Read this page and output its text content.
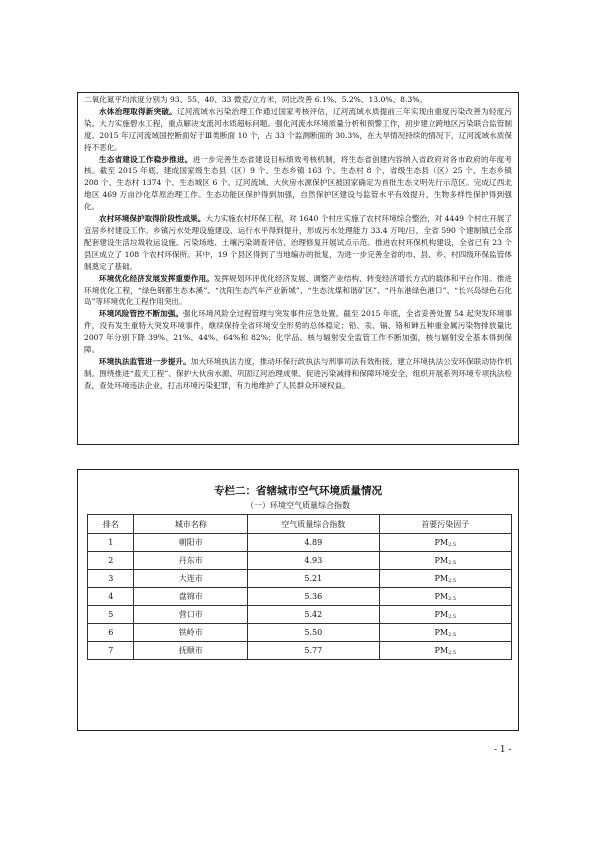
二氧化氮平均浓度分别为 93、55、40、33 微克/立方米，同比改善 6.1%、5.2%、13.0%、8.3%。

水体治理取得新突破。辽河流域水污染治理工作通过国家考核评估，辽河流域水质提前三年实现由重度污染改善为轻度污染。大力实施碧水工程，重点解决支流河水质超标问题。强化河流水环境质量分析和预警工作，初步建立跨地区污染联合监管制度。2015 年辽河流域国控断面好于Ⅲ类断面 10 个，占 33 个监测断面的 30.3%，在大旱情况持续的情况下，辽河流域水质保持不恶化。

生态省建设工作稳步推进。进一步完善生态省建设目标绩效考核机制，将生态省创建内容纳入省政府对各市政府的年度考核。截至 2015 年底，建成国家级生态县（区）9 个、生态乡镇 163 个、生态村 8 个，省级生态县（区）25 个、生态乡镇 208 个、生态村 1374 个、生态城区 6 个。辽河流域、大伙房水源保护区被国家确定为首批生态文明先行示范区。完成辽西北地区 469 万亩沙化草原治理工作。生态功能区保护得到加强，自然保护区建设与监管水平有效提升，生物多样性保护得到强化。

农村环境保护取得阶段性成果。大力实施农村环保工程，对 1640 个村庄实施了农村环境综合整治，对 4449 个村庄开展了宜居乡村建设工作。乡镇污水处理设施建设、运行水平得到提升，形成污水处理能力 33.4 万吨/日，全省 590 个建制镇已全部配套建设生活垃圾收运设施。污染场地、土壤污染调查评估、治理修复开展试点示范。推进农村环保机构建设，全省已有 23 个县区成立了 108 个农村环保所。其中，19 个县区得到了当地编办的批复，为进一步完善全省的市、县、乡、村四级环保监管体制奠定了基础。

环境优化经济发展发挥重要作用。发挥规划环评优化经济发展、调整产业结构、转变经济增长方式的载体和平台作用。推进环境优化工程，“绿色钢都生态本溪”、“沈阳生态汽车产业新城”、“生态沈煤和谐矿区”、“丹东港绿色港口”、“长兴岛绿色石化岛”等环境优化工程作用突出。

环境风险管控不断加强。强化环境风险全过程管理与突发事件应急处置。截至 2015 年底，全省妥善处置 54 起突发环境事件，没有发生重特大突发环境事件，继续保持全省环境安全形势的总体稳定；铅、汞、镉、铬和砷五种重金属污染物排放量比 2007 年分别下降 39%、21%、44%、64%和 82%；化学品、核与辐射安全监管工作不断加强，核与辐射安全基本得到保障。

环境执法监管进一步提升。加大环境执法力度，推动环保行政执法与刑事司法有效衔接。建立环境执法公安环保联动协作机制。围绕推进“蓝天工程”、保护大伙房水源、巩固辽河治理成果、促进污染减排和保障环境安全，组织开展系列环境专项执法检查，查处环境违法企业，打击环境污染犯罪，有力地维护了人民群众环境权益。

专栏二：省辖城市空气环境质量情况
（一）环境空气质量综合指数
排名	城市名称	空气质量综合指数	首要污染因子
1	朝阳市	4.89	$PM_{2.5}$
2	丹东市	4.93	$PM_{2.5}$
3	大连市	5.21	$PM_{2.5}$
4	盘锦市	5.36	$PM_{2.5}$
5	营口市	5.42	$PM_{2.5}$
6	铁岭市	5.50	$PM_{2.5}$
7	抚顺市	5.77	$PM_{2.5}$
- 1 -
